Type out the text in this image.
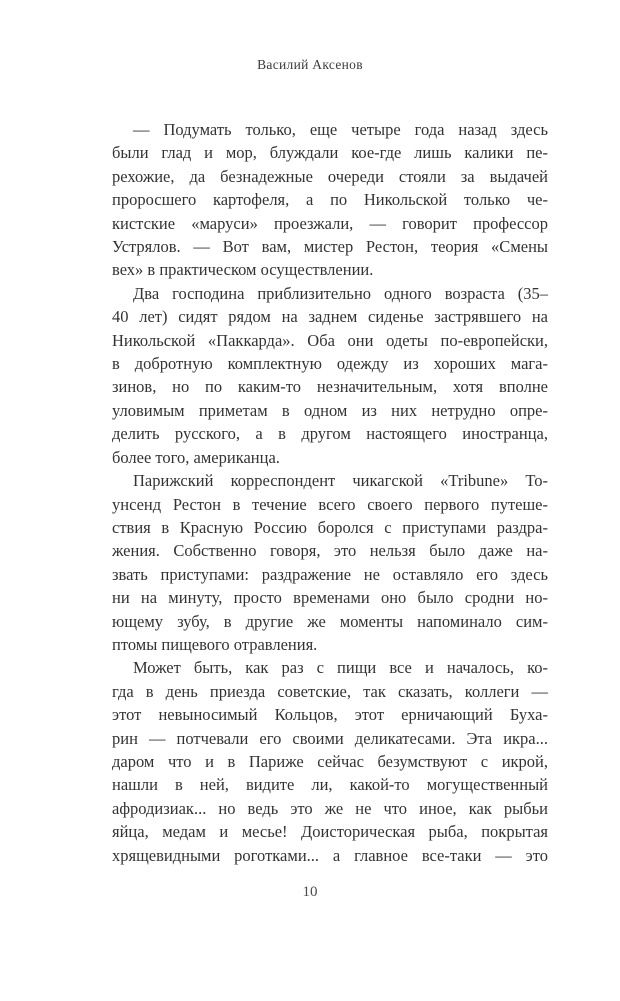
Василий Аксенов
— Подумать только, еще четыре года назад здесь
были глад и мор, блуждали кое-где лишь калики пе-
рехожие, да безнадежные очереди стояли за выдачей
проросшего картофеля, а по Никольской только че-
кистские «маруси» проезжали, — говорит профессор
Устрялов. — Вот вам, мистер Рестон, теория «Смены
вех» в практическом осуществлении.
Два господина приблизительно одного возраста (35–
40 лет) сидят рядом на заднем сиденье застрявшего на
Никольской «Паккарда». Оба они одеты по-европейски,
в добротную комплектную одежду из хороших мага-
зинов, но по каким-то незначительным, хотя вполне
уловимым приметам в одном из них нетрудно опре-
делить русского, а в другом настоящего иностранца,
более того, американца.
Парижский корреспондент чикагской «Tribune» То-
унсенд Рестон в течение всего своего первого путеше-
ствия в Красную Россию боролся с приступами раздра-
жения. Собственно говоря, это нельзя было даже на-
звать приступами: раздражение не оставляло его здесь
ни на минуту, просто временами оно было сродни но-
ющему зубу, в другие же моменты напоминало сим-
птомы пищевого отравления.
Может быть, как раз с пищи все и началось, ко-
гда в день приезда советские, так сказать, коллеги —
этот невыносимый Кольцов, этот ерничающий Буха-
рин — потчевали его своими деликатесами. Эта икра...
даром что и в Париже сейчас безумствуют с икрой,
нашли в ней, видите ли, какой-то могущественный
афродизиак... но ведь это же не что иное, как рыбьи
яйца, медам и месье! Доисторическая рыба, покрытая
хрящевидными роготками... а главное все-таки — это
10
